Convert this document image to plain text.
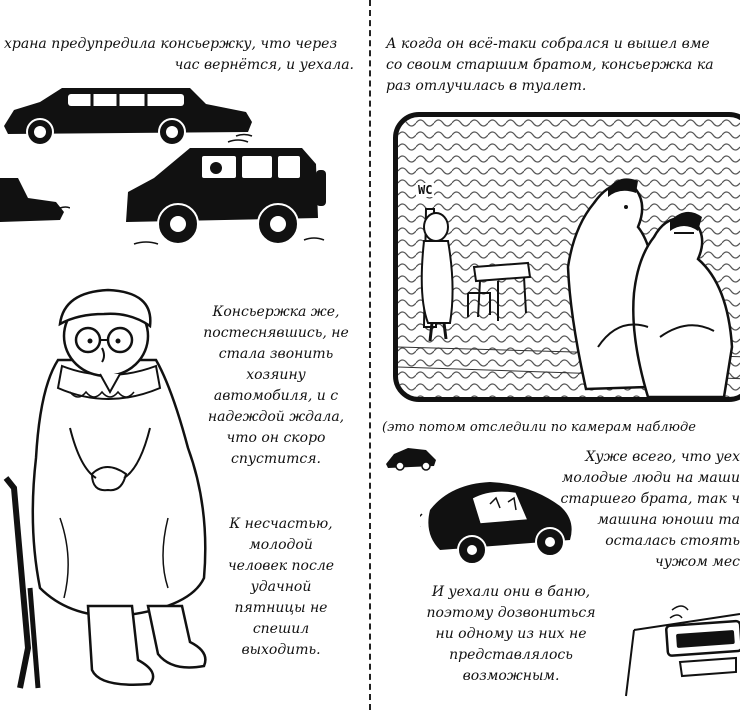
храна предупредила консьержку, что через
час вернётся, и уехала.
Консьержка же,
постеснявшись, не
стала звонить
хозяину
автомобиля, и с
надеждой ждала,
что он скоро
спустится.
К несчастью,
молодой
человек после
удачной
пятницы не
спешил
выходить.
А когда он всё-таки собрался и вышел вме
со своим старшим братом, консьержка ка
раз отлучилась в туалет.
WC
(это потом отследили по камерам наблюде
Хуже всего, что уех
молодые люди на маши
старшего брата, так ч
машина юноши та
осталась стоять
чужом мес
И уехали они в баню,
поэтому дозвониться
ни одному из них не
представлялось
возможным.
